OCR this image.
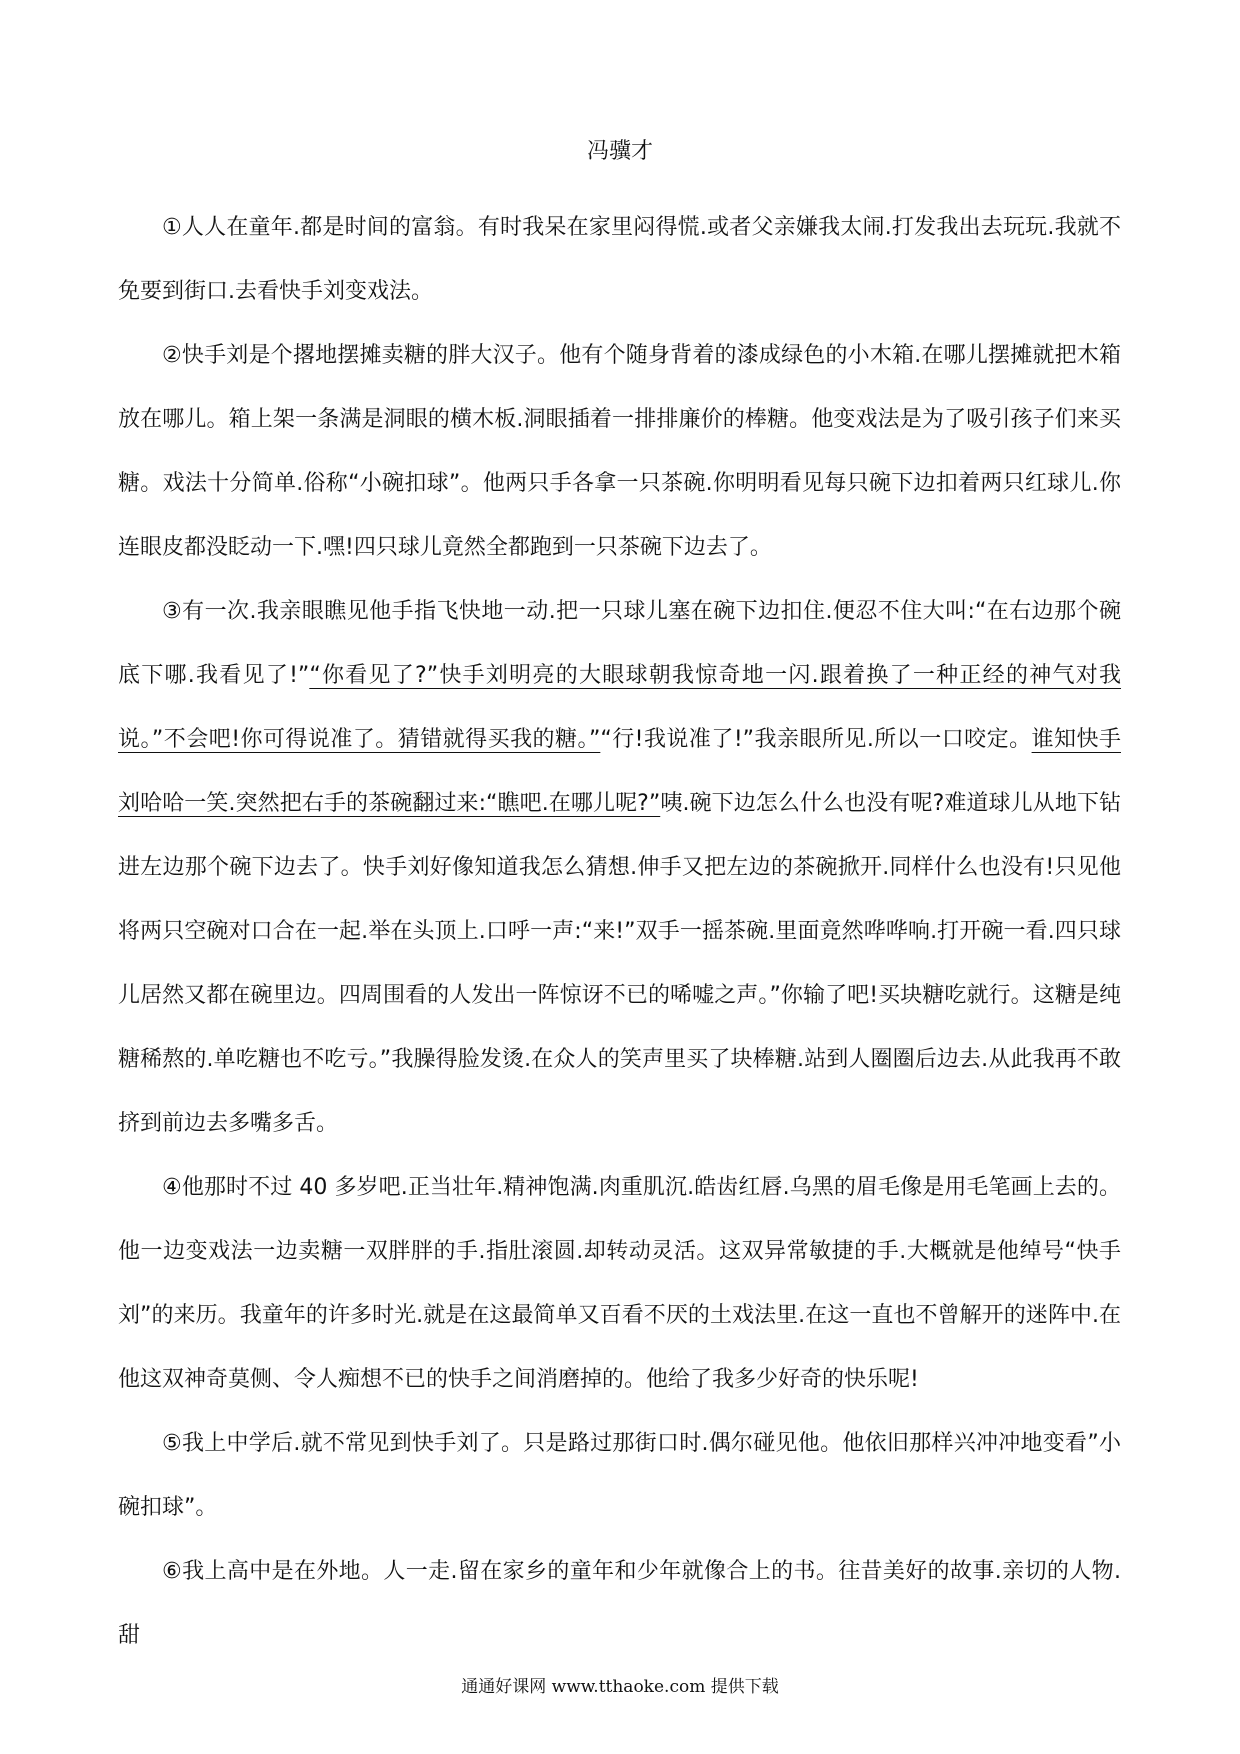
冯骥才

①人人在童年.都是时间的富翁。有时我呆在家里闷得慌.或者父亲嫌我太闹.打发我出去玩玩.我就不免要到街口.去看快手刘变戏法。

②快手刘是个撂地摆摊卖糖的胖大汉子。他有个随身背着的漆成绿色的小木箱.在哪儿摆摊就把木箱放在哪儿。箱上架一条满是洞眼的横木板.洞眼插着一排排廉价的棒糖。他变戏法是为了吸引孩子们来买糖。戏法十分简单.俗称“小碗扣球”。他两只手各拿一只茶碗.你明明看见每只碗下边扣着两只红球儿.你连眼皮都没眨动一下.嘿!四只球儿竟然全都跑到一只茶碗下边去了。

③有一次.我亲眼瞧见他手指飞快地一动.把一只球儿塞在碗下边扣住.便忍不住大叫:“在右边那个碗底下哪.我看见了!”“你看见了?”快手刘明亮的大眼球朝我惊奇地一闪.跟着换了一种正经的神气对我说。”不会吧!你可得说准了。猜错就得买我的糖。”“行!我说准了!”我亲眼所见.所以一口咬定。谁知快手刘哈哈一笑.突然把右手的茶碗翻过来:“瞧吧.在哪儿呢?”咦.碗下边怎么什么也没有呢?难道球儿从地下钻进左边那个碗下边去了。快手刘好像知道我怎么猜想.伸手又把左边的茶碗掀开.同样什么也没有!只见他将两只空碗对口合在一起.举在头顶上.口呼一声:“来!”双手一摇茶碗.里面竟然哗哗响.打开碗一看.四只球儿居然又都在碗里边。四周围看的人发出一阵惊讶不已的唏嘘之声。”你输了吧!买块糖吃就行。这糖是纯糖稀熬的.单吃糖也不吃亏。”我臊得脸发烫.在众人的笑声里买了块棒糖.站到人圈圈后边去.从此我再不敢挤到前边去多嘴多舌。

④他那时不过 40 多岁吧.正当壮年.精神饱满.肉重肌沉.皓齿红唇.乌黑的眉毛像是用毛笔画上去的。他一边变戏法一边卖糖一双胖胖的手.指肚滚圆.却转动灵活。这双异常敏捷的手.大概就是他绰号“快手刘”的来历。我童年的许多时光.就是在这最简单又百看不厌的土戏法里.在这一直也不曾解开的迷阵中.在他这双神奇莫侧、令人痴想不已的快手之间消磨掉的。他给了我多少好奇的快乐呢!

⑤我上中学后.就不常见到快手刘了。只是路过那街口时.偶尔碰见他。他依旧那样兴冲冲地变看”小碗扣球”。

⑥我上高中是在外地。人一走.留在家乡的童年和少年就像合上的书。往昔美好的故事.亲切的人物.甜

通通好课网 www.tthaoke.com 提供下载
